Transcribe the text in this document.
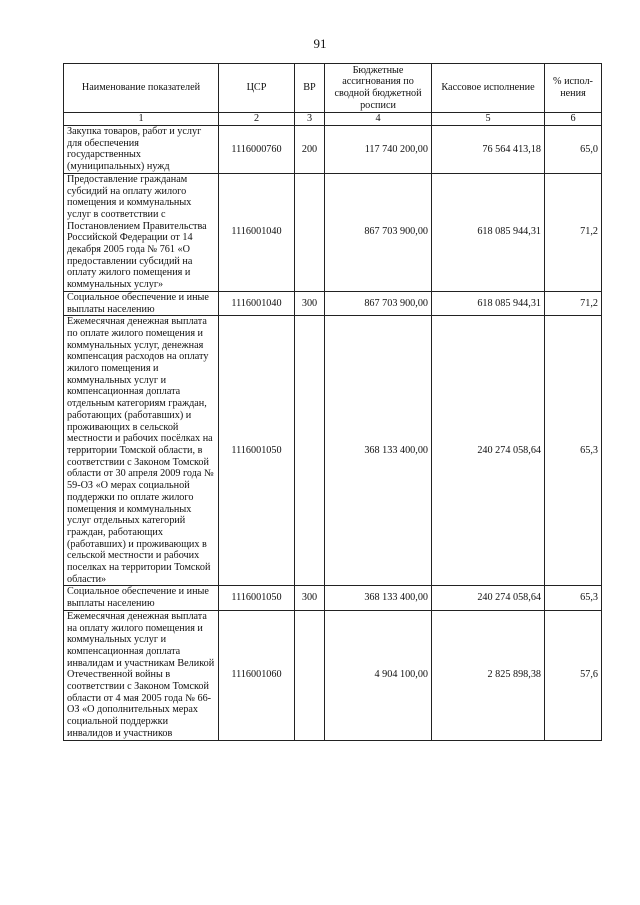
91
Наименование показателей	ЦСР	ВР	Бюджетные ассигнования по сводной бюджетной росписи	Кассовое исполнение	% испол-нения
1	2	3	4	5	6
Закупка товаров, работ и услуг для обеспечения государственных (муниципальных) нужд	1116000760	200	117 740 200,00	76 564 413,18	65,0
Предоставление гражданам субсидий на оплату жилого помещения и коммунальных услуг в соответствии с Постановлением Правительства Российской Федерации от 14 декабря 2005 года № 761 «О предоставлении субсидий на оплату жилого помещения и коммунальных услуг»	1116001040		867 703 900,00	618 085 944,31	71,2
Социальное обеспечение и иные выплаты населению	1116001040	300	867 703 900,00	618 085 944,31	71,2
Ежемесячная денежная выплата по оплате жилого помещения и коммунальных услуг, денежная компенсация расходов на оплату жилого помещения и коммунальных услуг и компенсационная доплата отдельным категориям граждан, работающих (работавших) и проживающих в сельской местности и рабочих посёлках на территории Томской области, в соответствии с Законом Томской области от 30 апреля 2009 года № 59-ОЗ «О мерах социальной поддержки по оплате жилого помещения и коммунальных услуг отдельных категорий граждан, работающих (работавших) и проживающих в сельской местности и рабочих поселках на территории Томской области»	1116001050		368 133 400,00	240 274 058,64	65,3
Социальное обеспечение и иные выплаты населению	1116001050	300	368 133 400,00	240 274 058,64	65,3
Ежемесячная денежная выплата на оплату жилого помещения и коммунальных услуг и компенсационная доплата инвалидам и участникам Великой Отечественной войны в соответствии с Законом Томской области от 4 мая 2005 года № 66-ОЗ «О дополнительных мерах социальной поддержки инвалидов и участников	1116001060		4 904 100,00	2 825 898,38	57,6
